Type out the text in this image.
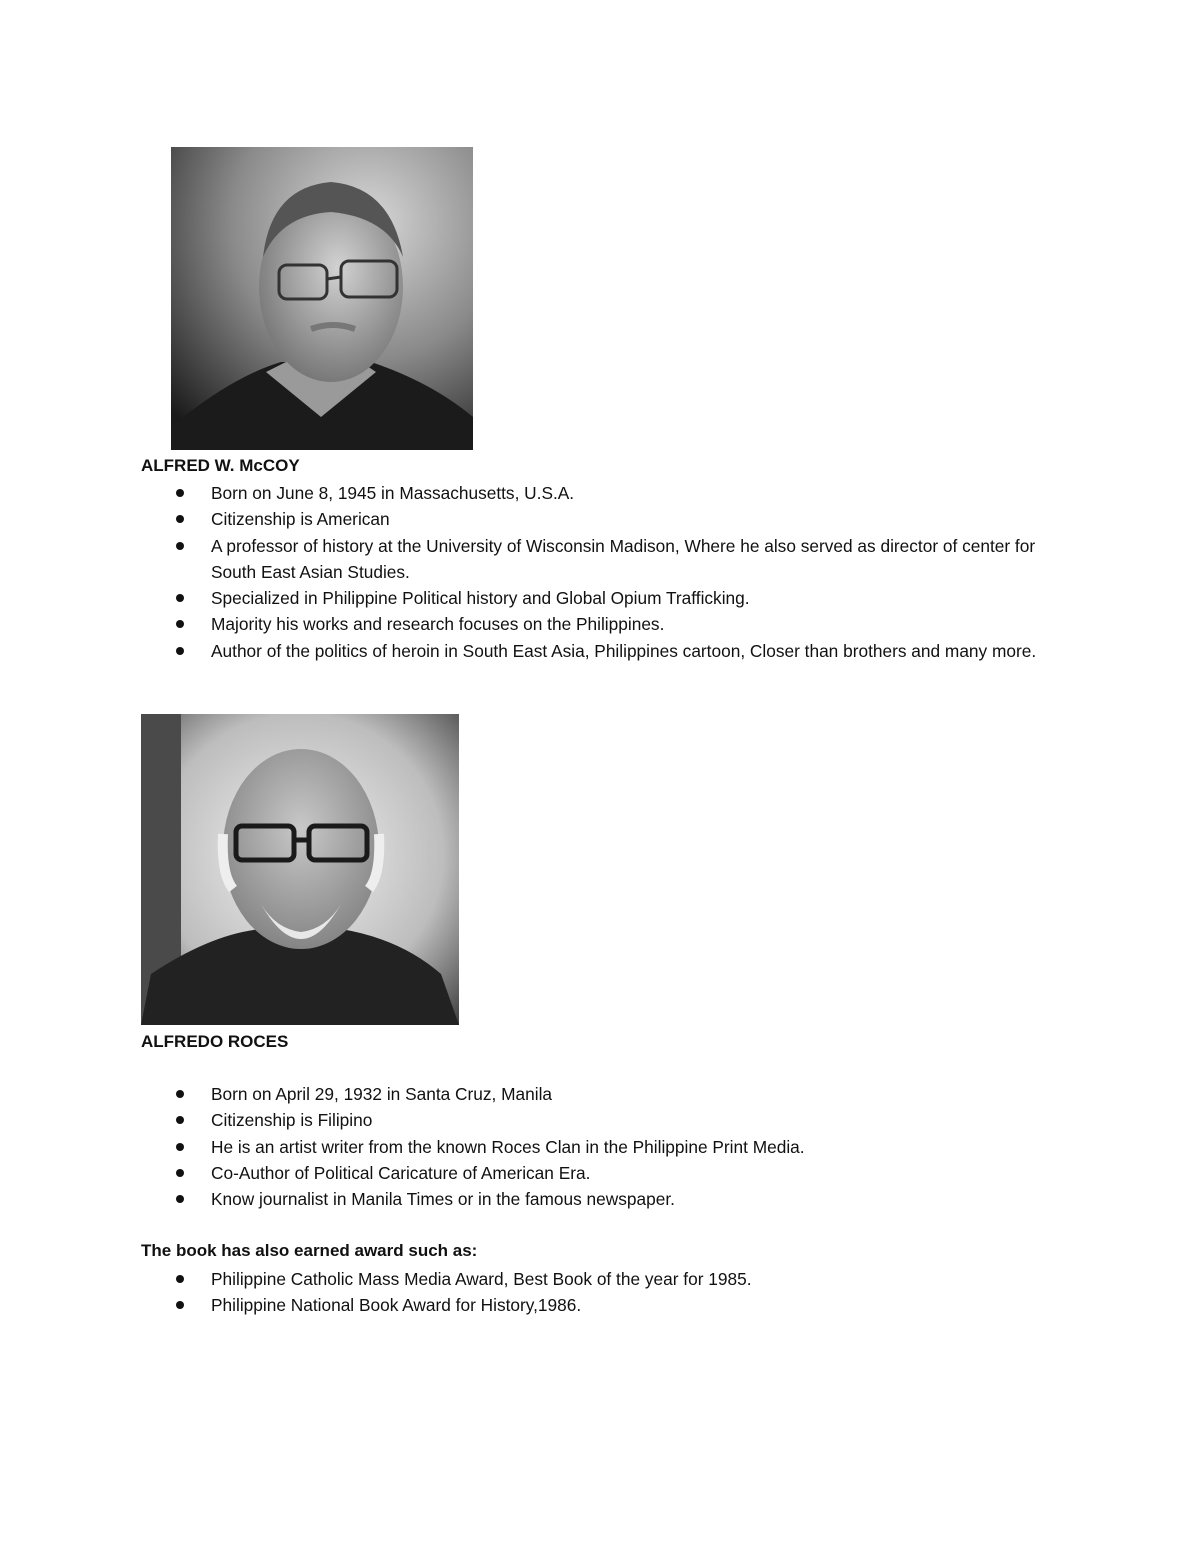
ALFRED W. McCOY
Born on June 8, 1945 in Massachusetts, U.S.A.
Citizenship is American
A professor of history at the University of Wisconsin Madison, Where he also served as director of center for South East Asian Studies.
Specialized in Philippine Political history and Global Opium Trafficking.
Majority his works and research focuses on the Philippines.
Author of the politics of heroin in South East Asia, Philippines cartoon, Closer than brothers and many more.
ALFREDO ROCES
Born on April 29, 1932 in Santa Cruz, Manila
Citizenship is Filipino
He is an artist writer from the known Roces Clan in the Philippine Print Media.
Co-Author of Political Caricature of American Era.
Know journalist in Manila Times or in the famous newspaper.
The book has also earned award such as:
Philippine Catholic Mass Media Award, Best Book of the year for 1985.
Philippine National Book Award for History,1986.
